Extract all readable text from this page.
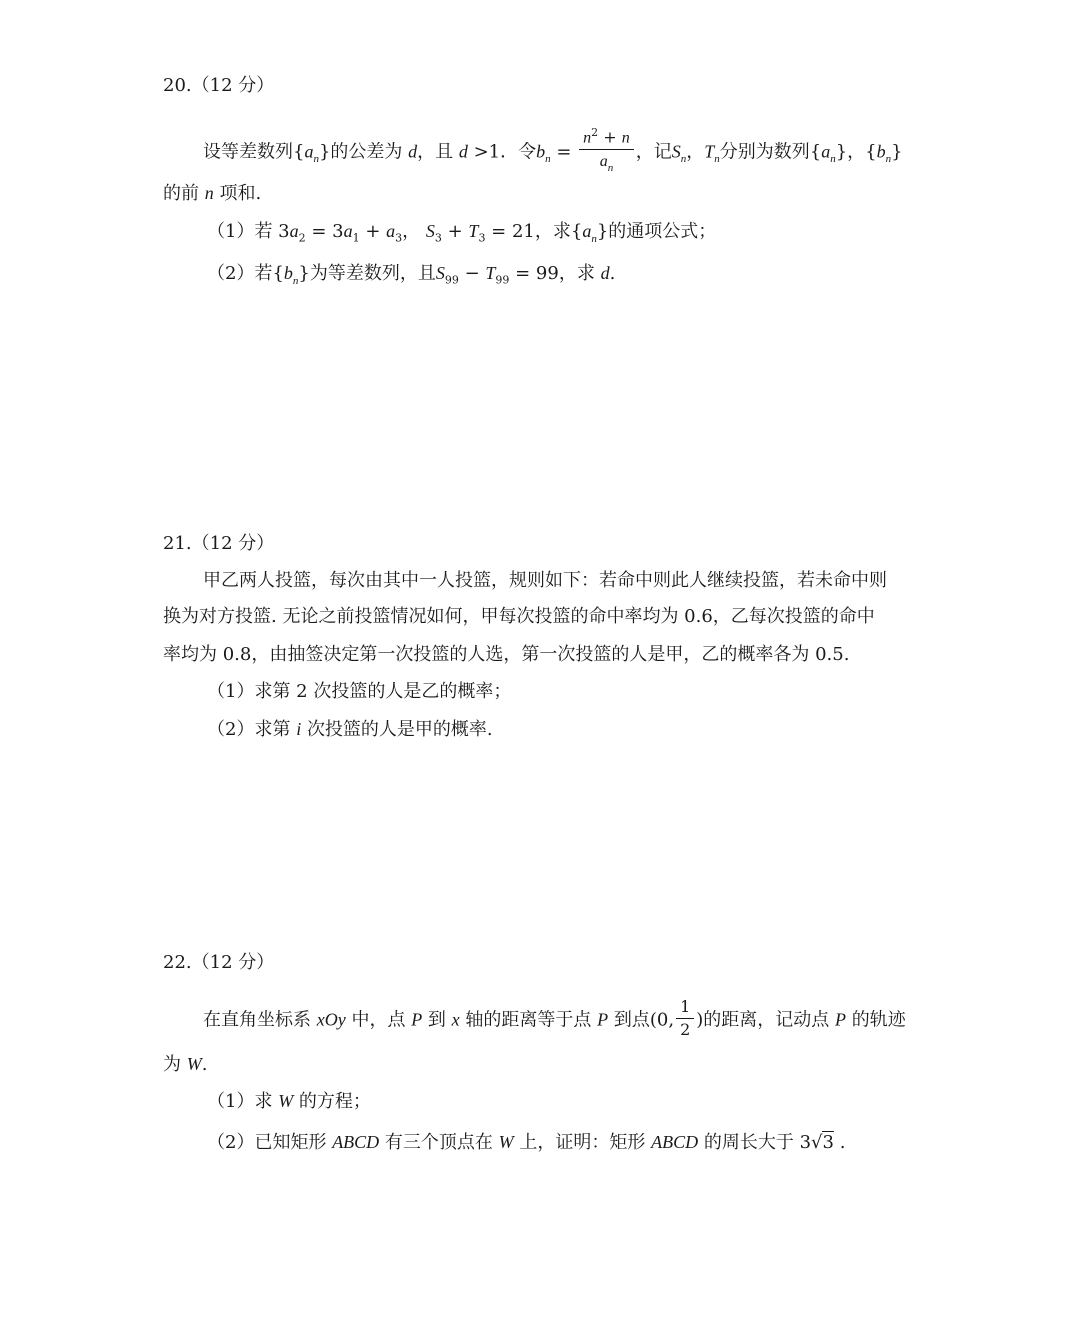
20.（12 分）
设等差数列$\{a_n\}$的公差为 d，且 d >1．令$b_n = \frac{n^2 + n}{a_n}$ ，记$S_n$，$T_n$分别为数列$\{a_n\}$，$\{b_n\}$
的前 n 项和.
（1）若 $3a_2 = 3a_1 + a_3$， $S_3 + T_3 = 21$，求$\{a_n\}$的通项公式；
（2）若$\{b_n\}$为等差数列，且$S_{99} - T_{99} = 99$，求 d.
21.（12 分）
甲乙两人投篮，每次由其中一人投篮，规则如下：若命中则此人继续投篮，若未命中则
换为对方投篮. 无论之前投篮情况如何，甲每次投篮的命中率均为 0.6，乙每次投篮的命中
率均为 0.8，由抽签决定第一次投篮的人选，第一次投篮的人是甲，乙的概率各为 0.5.
（1）求第 2 次投篮的人是乙的概率；
（2）求第 i 次投篮的人是甲的概率.
22.（12 分）
在直角坐标系 xOy 中，点 P 到 x 轴的距离等于点 P 到点(0, $\frac{1}{2}$ )的距离，记动点 P 的轨迹
为 W.
（1）求 W 的方程；
（2）已知矩形 ABCD 有三个顶点在 W 上，证明：矩形 ABCD 的周长大于 3√3 .
